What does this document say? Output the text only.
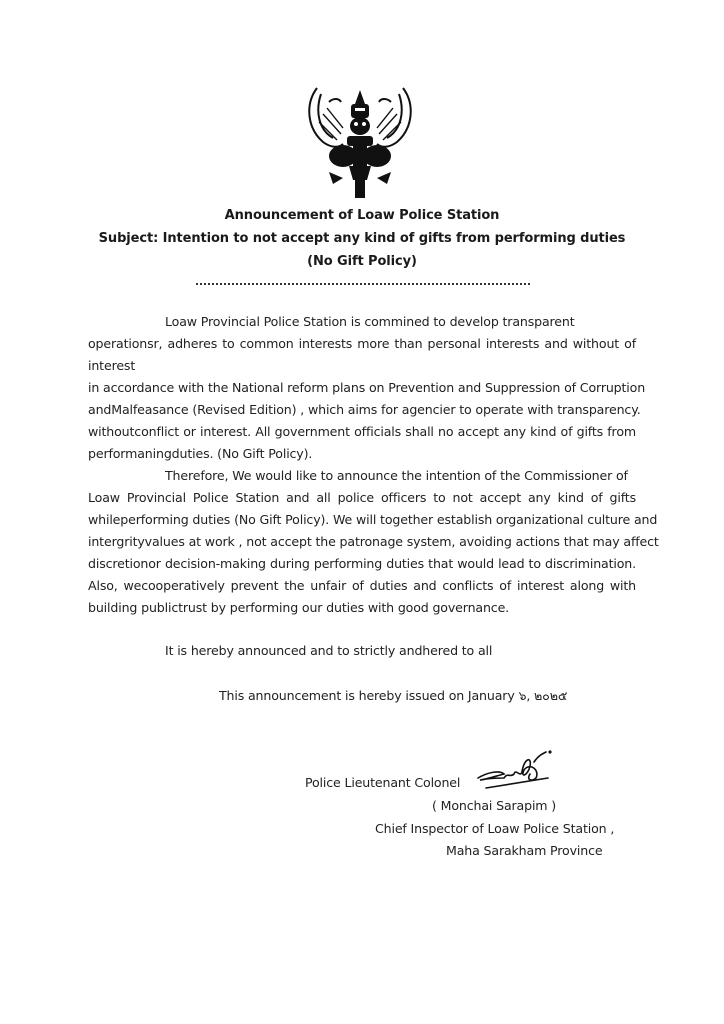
Announcement of Loaw Police Station
Subject: Intention to not accept any kind of gifts from performing duties
(No Gift Policy)
Loaw Provincial Police Station is commined to develop transparent
operationsr, adheres to common interests more than personal interests and without of
interest
in accordance with the National reform plans on Prevention and Suppression of Corruption
andMalfeasance (Revised Edition) , which aims for agencier to operate with transparency.
withoutconflict or interest. All government officials shall no accept any kind of gifts from
performaningduties. (No Gift Policy).
Therefore, We would like to announce the intention of the Commissioner of
Loaw Provincial Police Station and all police officers to not accept any kind of gifts
whileperforming duties (No Gift Policy). We will together establish organizational culture and
intergrityvalues at work , not accept the patronage system, avoiding actions that may affect
discretionor decision-making during performing duties that would lead to discrimination.
Also, wecooperatively prevent the unfair of duties and conflicts of interest along with
building publictrust by performing our duties with good governance.
It is hereby announced and to strictly andhered to all
This announcement is hereby issued on January ๖, ๒๐๒๕
Police Lieutenant Colonel
( Monchai Sarapim )
Chief Inspector of Loaw Police Station ,
Maha Sarakham Province
